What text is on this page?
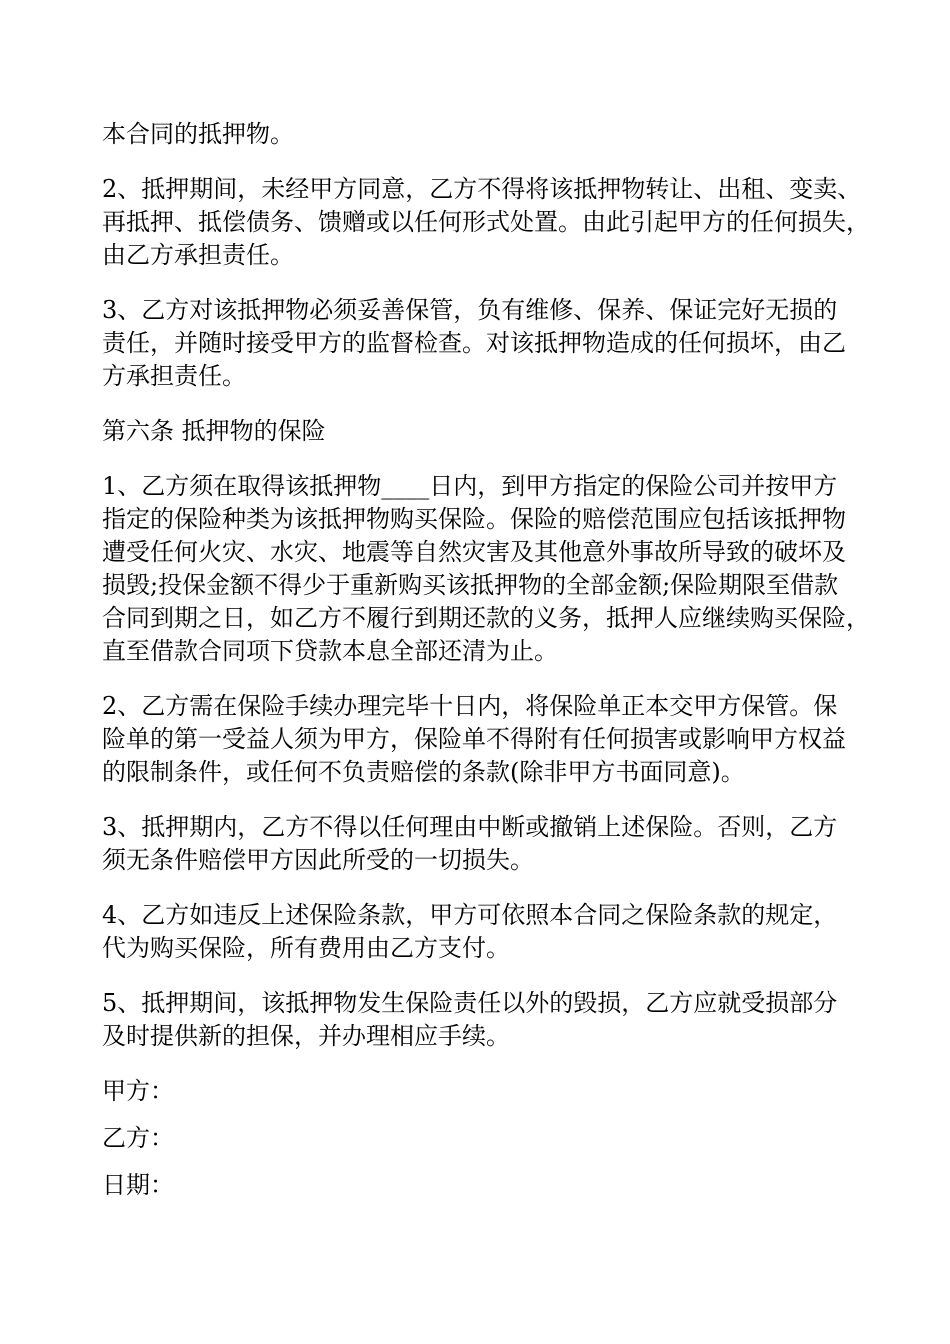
本合同的抵押物。

2、抵押期间，未经甲方同意，乙方不得将该抵押物转让、出租、变卖、
再抵押、抵偿债务、馈赠或以任何形式处置。由此引起甲方的任何损失，
由乙方承担责任。

3、乙方对该抵押物必须妥善保管，负有维修、保养、保证完好无损的
责任，并随时接受甲方的监督检查。对该抵押物造成的任何损坏，由乙
方承担责任。

第六条 抵押物的保险

1、乙方须在取得该抵押物____日内，到甲方指定的保险公司并按甲方
指定的保险种类为该抵押物购买保险。保险的赔偿范围应包括该抵押物
遭受任何火灾、水灾、地震等自然灾害及其他意外事故所导致的破坏及
损毁;投保金额不得少于重新购买该抵押物的全部金额;保险期限至借款
合同到期之日，如乙方不履行到期还款的义务，抵押人应继续购买保险，
直至借款合同项下贷款本息全部还清为止。

2、乙方需在保险手续办理完毕十日内，将保险单正本交甲方保管。保
险单的第一受益人须为甲方，保险单不得附有任何损害或影响甲方权益
的限制条件，或任何不负责赔偿的条款(除非甲方书面同意)。

3、抵押期内，乙方不得以任何理由中断或撤销上述保险。否则，乙方
须无条件赔偿甲方因此所受的一切损失。

4、乙方如违反上述保险条款，甲方可依照本合同之保险条款的规定，
代为购买保险，所有费用由乙方支付。

5、抵押期间，该抵押物发生保险责任以外的毁损，乙方应就受损部分
及时提供新的担保，并办理相应手续。

甲方：

乙方：

日期：
